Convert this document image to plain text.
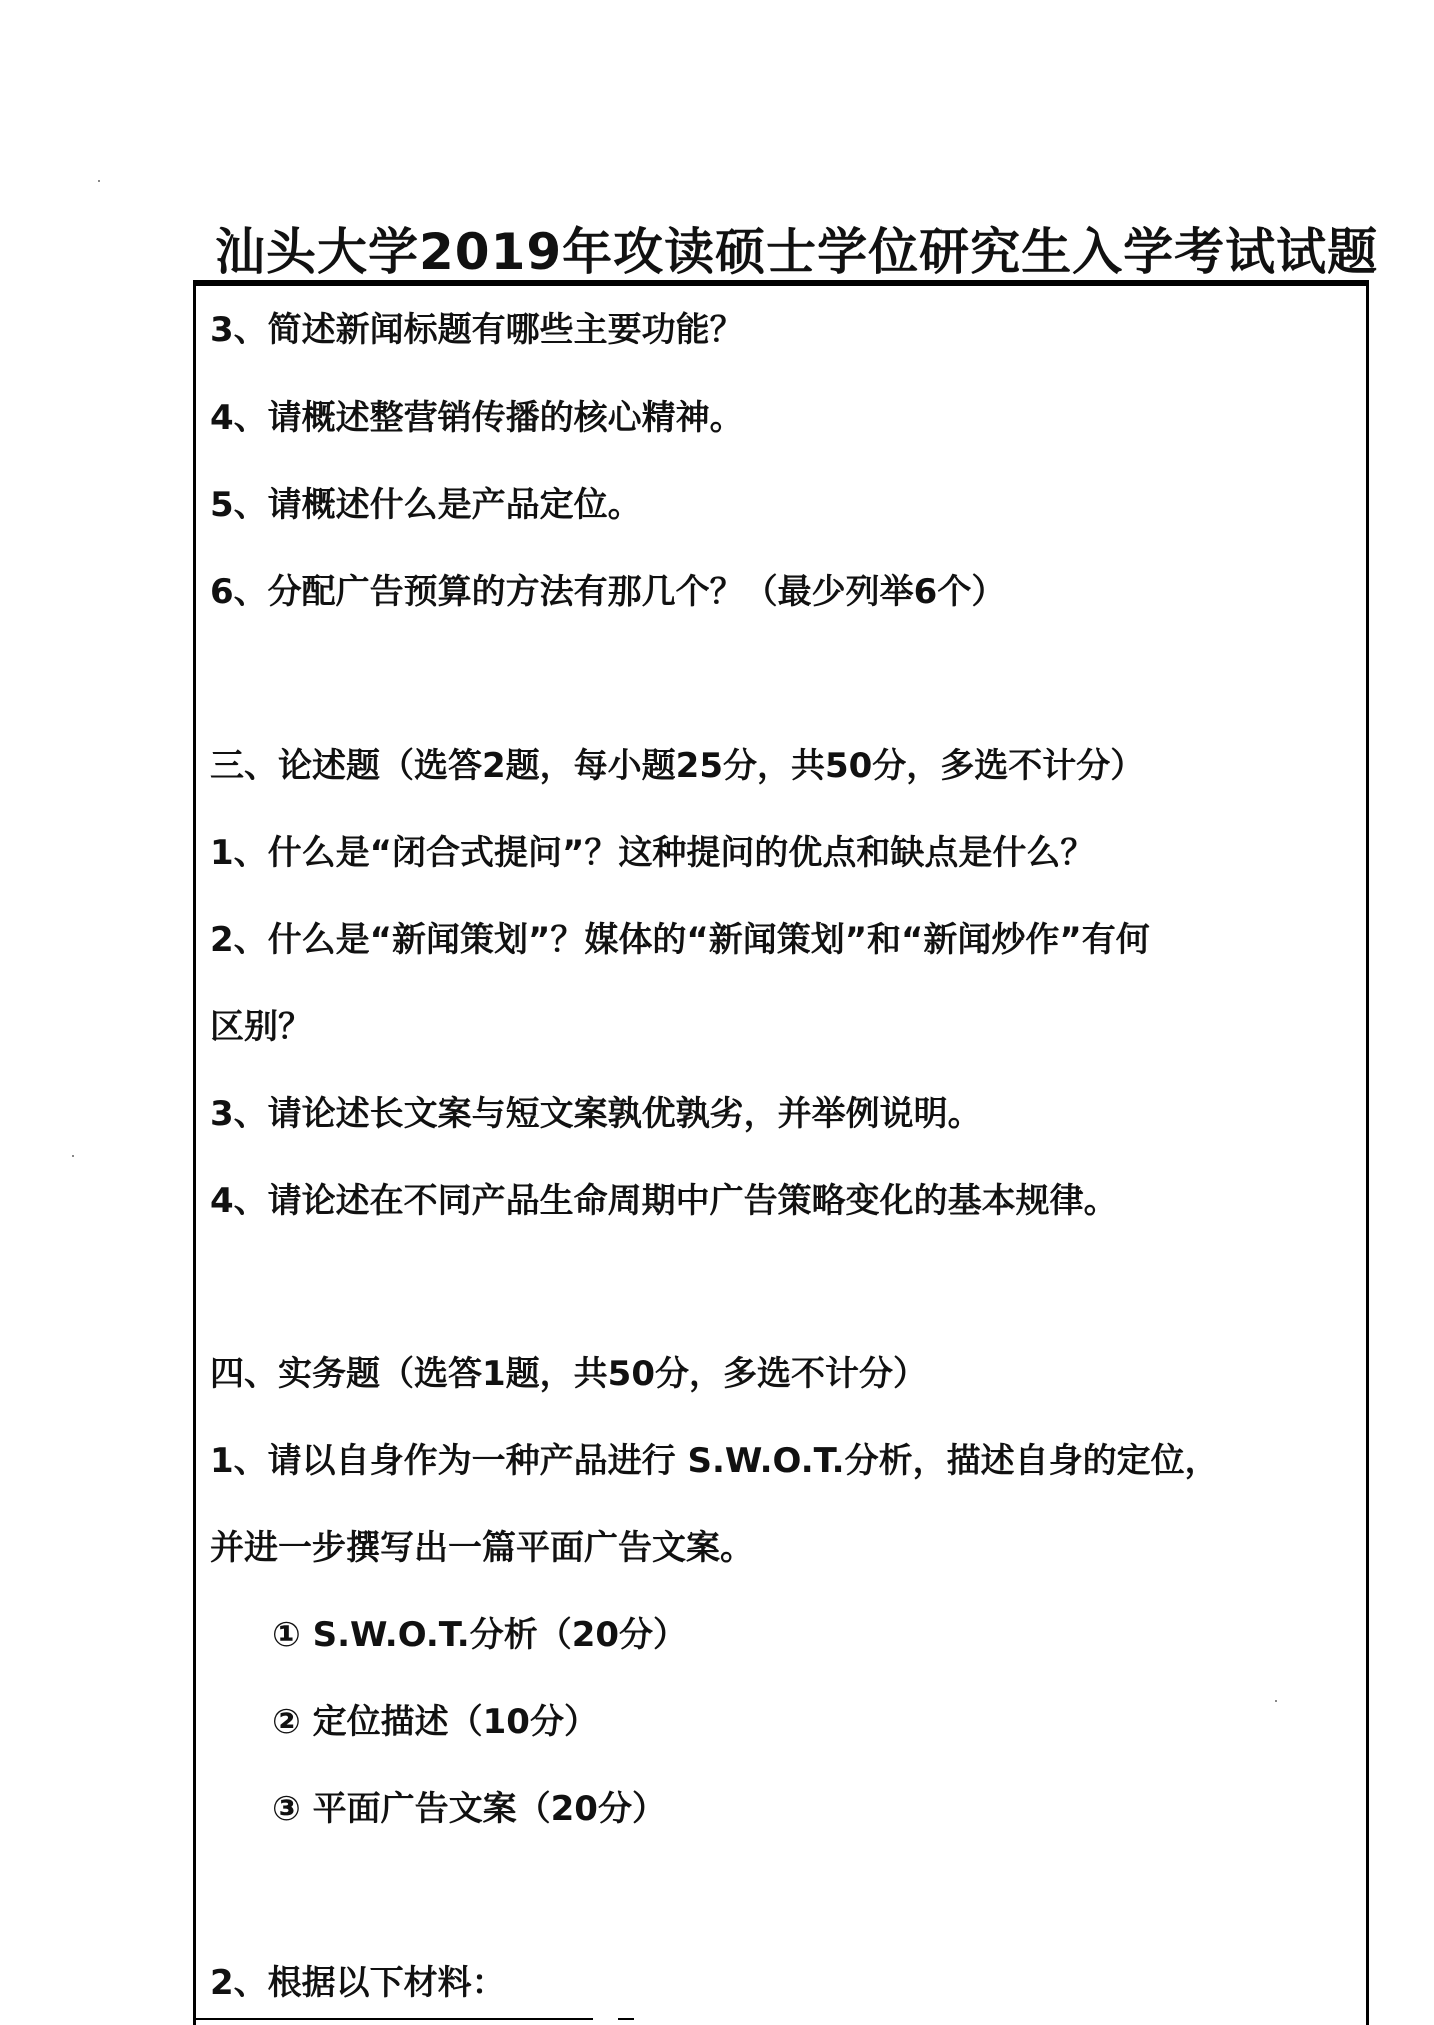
汕头大学2019年攻读硕士学位研究生入学考试试题
3、简述新闻标题有哪些主要功能？
4、请概述整营销传播的核心精神。
5、请概述什么是产品定位。
6、分配广告预算的方法有那几个？（最少列举6个）
三、论述题（选答2题，每小题25分，共50分，多选不计分）
1、什么是“闭合式提问”？这种提问的优点和缺点是什么？
2、什么是“新闻策划”？媒体的“新闻策划”和“新闻炒作”有何
区别？
3、请论述长文案与短文案孰优孰劣，并举例说明。
4、请论述在不同产品生命周期中广告策略变化的基本规律。
四、实务题（选答1题，共50分，多选不计分）
1、请以自身作为一种产品进行 S.W.O.T.分析，描述自身的定位，
并进一步撰写出一篇平面广告文案。
① S.W.O.T.分析（20分）
② 定位描述（10分）
③ 平面广告文案（20分）
2、根据以下材料：
